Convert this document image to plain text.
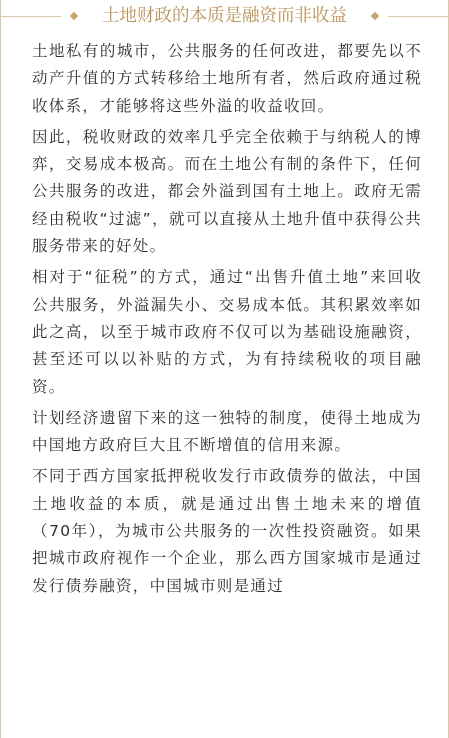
土地财政的本质是融资而非收益

土地私有的城市，公共服务的任何改进，都要先以不动产升值的方式转移给土地所有者，然后政府通过税收体系，才能够将这些外溢的收益收回。

因此，税收财政的效率几乎完全依赖于与纳税人的博弈，交易成本极高。而在土地公有制的条件下，任何公共服务的改进，都会外溢到国有土地上。政府无需经由税收“过滤”，就可以直接从土地升值中获得公共服务带来的好处。

相对于“征税”的方式，通过“出售升值土地”来回收公共服务，外溢漏失小、交易成本低。其积累效率如此之高，以至于城市政府不仅可以为基础设施融资，甚至还可以以补贴的方式，为有持续税收的项目融资。

计划经济遗留下来的这一独特的制度，使得土地成为中国地方政府巨大且不断增值的信用来源。

不同于西方国家抵押税收发行市政债券的做法，中国土地收益的本质，就是通过出售土地未来的增值（70年），为城市公共服务的一次性投资融资。如果把城市政府视作一个企业，那么西方国家城市是通过发行债券融资，中国城市则是通过
